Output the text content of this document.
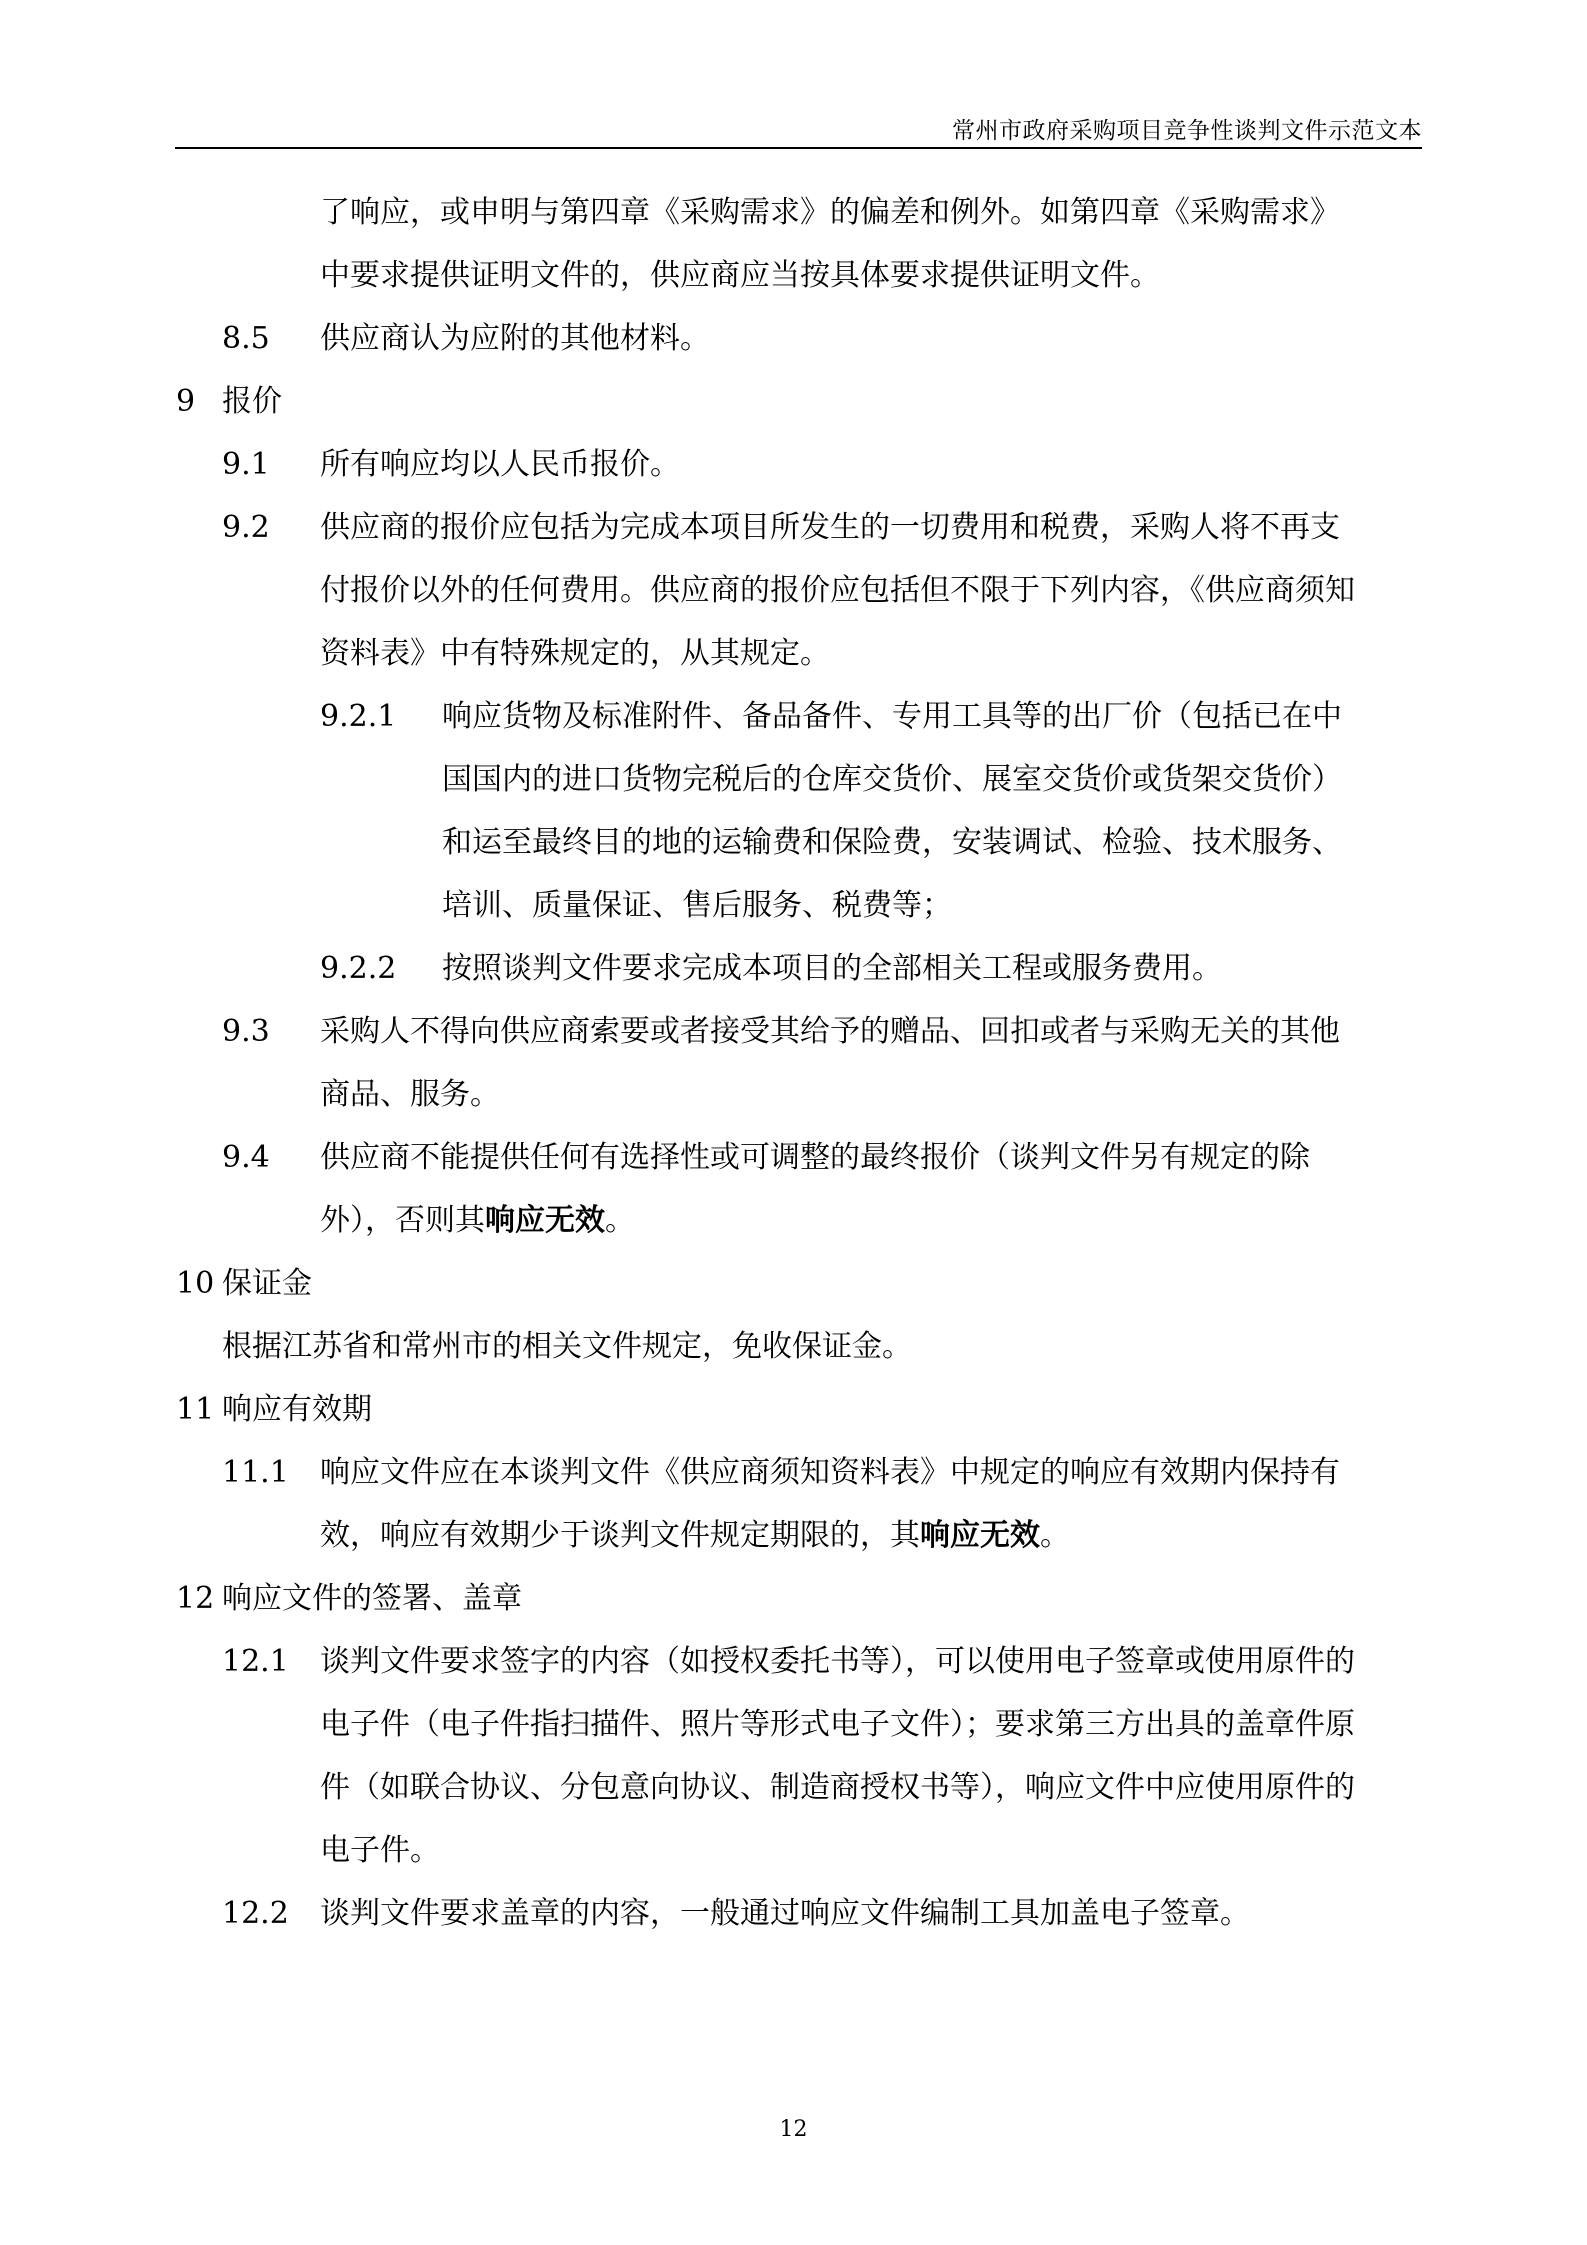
常州市政府采购项目竞争性谈判文件示范文本
了响应，或申明与第四章《采购需求》的偏差和例外。如第四章《采购需求》
中要求提供证明文件的，供应商应当按具体要求提供证明文件。
8.5 供应商认为应附的其他材料。
9 报价
9.1 所有响应均以人民币报价。
9.2 供应商的报价应包括为完成本项目所发生的一切费用和税费，采购人将不再支
付报价以外的任何费用。供应商的报价应包括但不限于下列内容，《供应商须知
资料表》中有特殊规定的，从其规定。
9.2.1 响应货物及标准附件、备品备件、专用工具等的出厂价（包括已在中
国国内的进口货物完税后的仓库交货价、展室交货价或货架交货价）
和运至最终目的地的运输费和保险费，安装调试、检验、技术服务、
培训、质量保证、售后服务、税费等；
9.2.2 按照谈判文件要求完成本项目的全部相关工程或服务费用。
9.3 采购人不得向供应商索要或者接受其给予的赠品、回扣或者与采购无关的其他
商品、服务。
9.4 供应商不能提供任何有选择性或可调整的最终报价（谈判文件另有规定的除
外），否则其响应无效。
10 保证金
根据江苏省和常州市的相关文件规定，免收保证金。
11 响应有效期
11.1 响应文件应在本谈判文件《供应商须知资料表》中规定的响应有效期内保持有
效，响应有效期少于谈判文件规定期限的，其响应无效。
12 响应文件的签署、盖章
12.1 谈判文件要求签字的内容（如授权委托书等），可以使用电子签章或使用原件的
电子件（电子件指扫描件、照片等形式电子文件）；要求第三方出具的盖章件原
件（如联合协议、分包意向协议、制造商授权书等），响应文件中应使用原件的
电子件。
12.2 谈判文件要求盖章的内容，一般通过响应文件编制工具加盖电子签章。
12
